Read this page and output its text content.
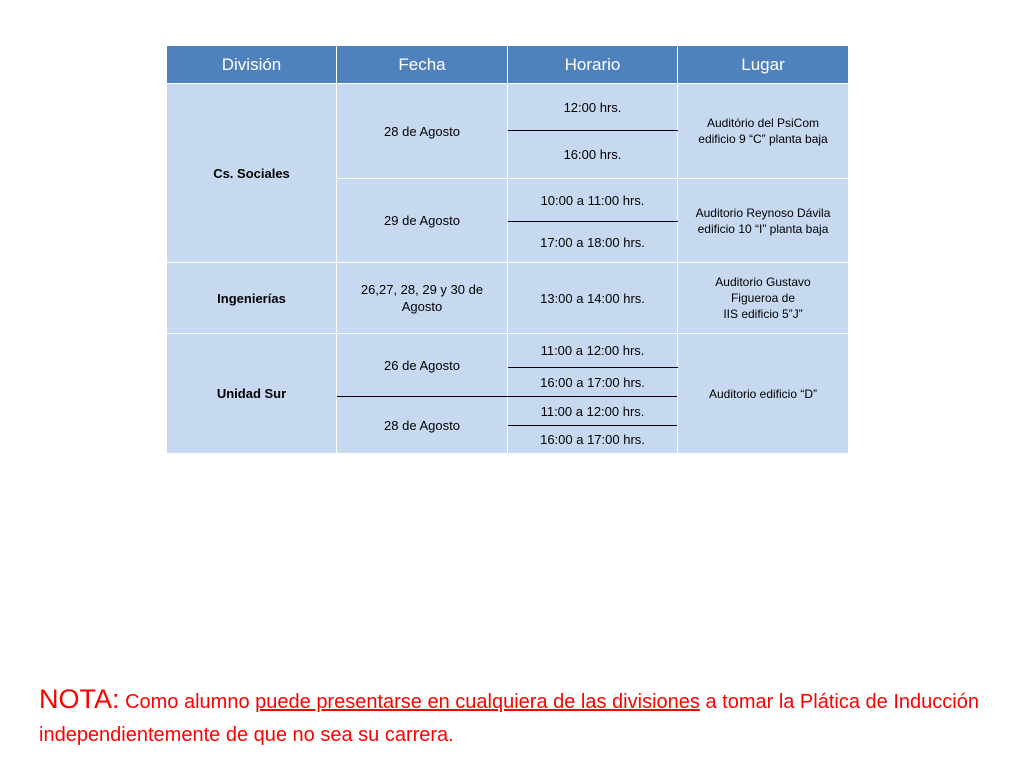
División	Fecha	Horario	Lugar
Cs. Sociales	28 de Agosto	12:00 hrs.	Auditório del PsiCom
edificio 9 “C” planta baja
		16:00 hrs.	
	29 de Agosto	10:00 a 11:00 hrs.	Auditorio Reynoso Dávila
edificio 10 “I” planta baja
		17:00 a 18:00 hrs.	
Ingenierías	26,27, 28, 29 y 30 de Agosto	13:00 a 14:00 hrs.	Auditorio Gustavo
Figueroa de
IIS edificio 5”J”
Unidad Sur	26 de Agosto	11:00 a 12:00 hrs.	Auditorio edificio “D”
		16:00 a 17:00 hrs.	
	28 de Agosto	11:00 a 12:00 hrs.	
		16:00 a 17:00 hrs.	

NOTA: Como alumno puede presentarse en cualquiera de las divisiones a tomar la Plática de Inducción independientemente de que no sea su carrera.
